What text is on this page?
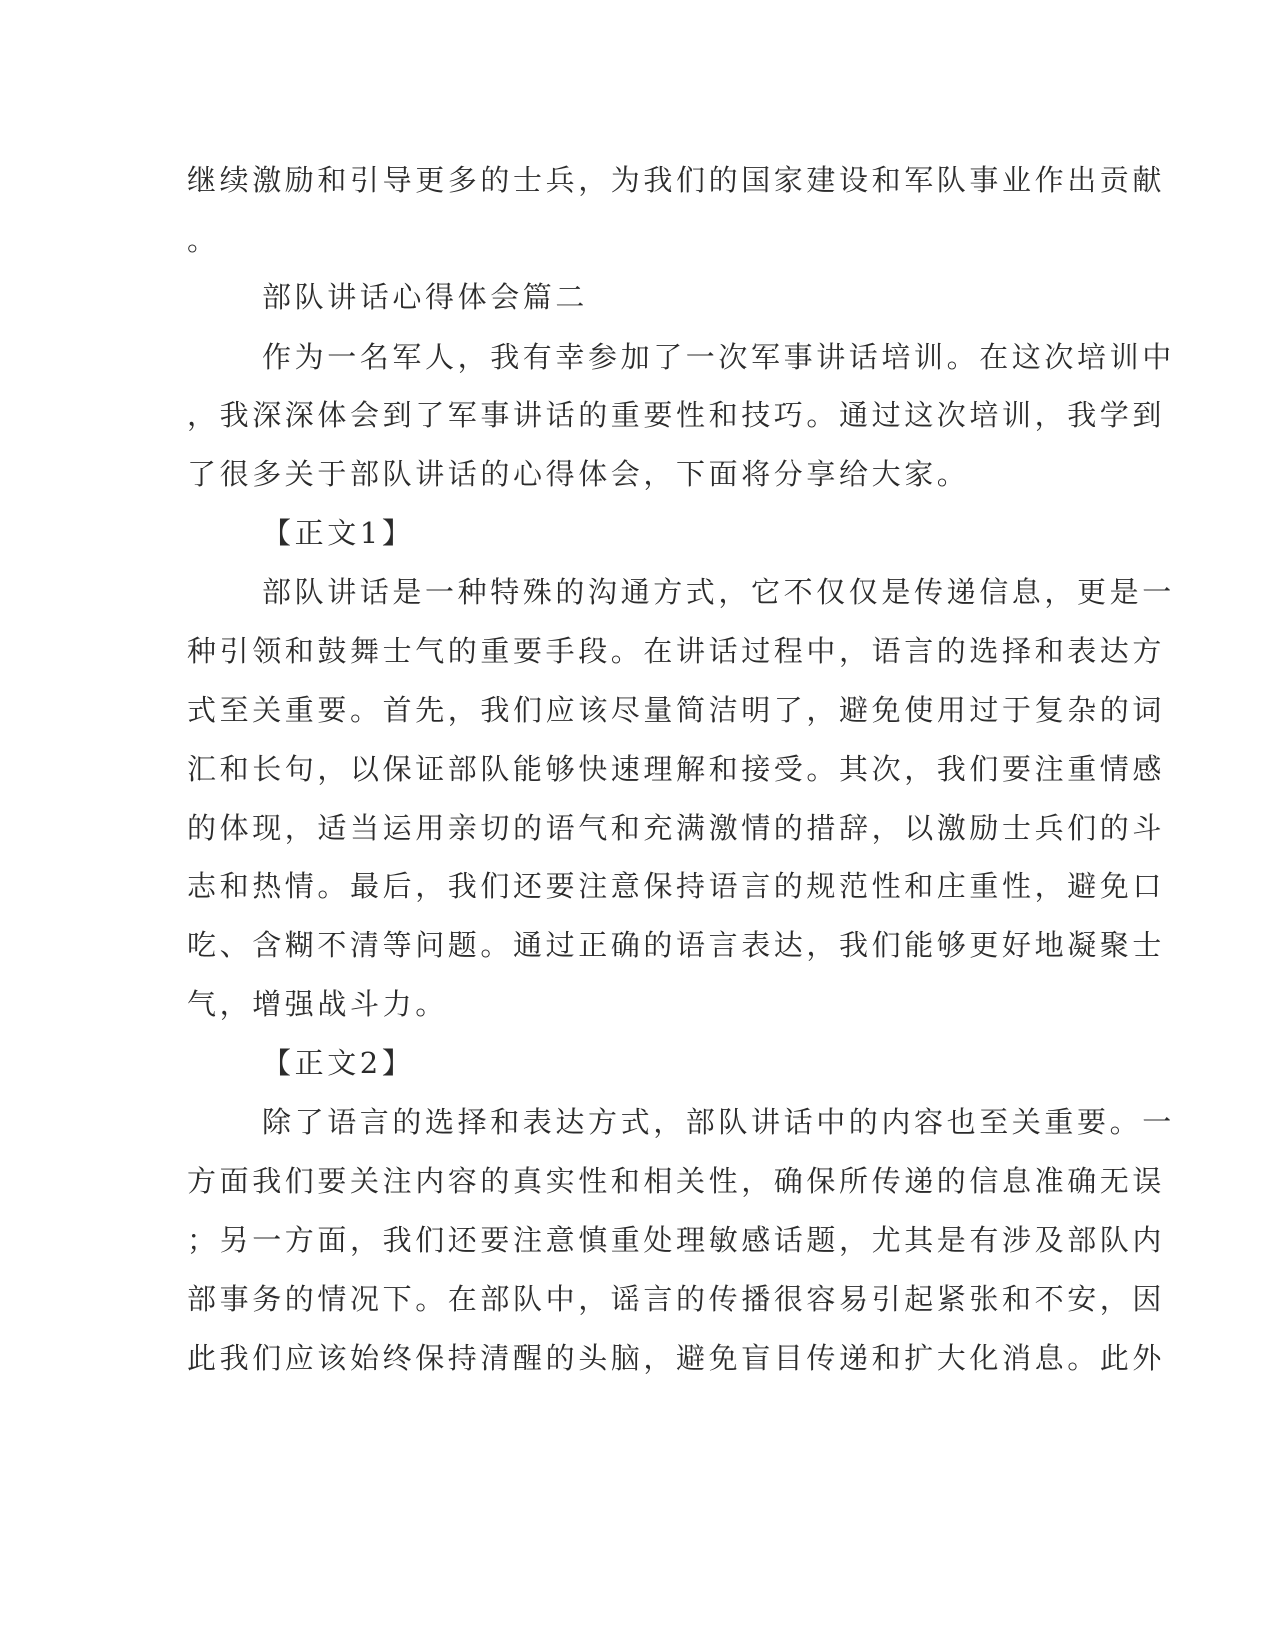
继续激励和引导更多的士兵，为我们的国家建设和军队事业作出贡献

。

部队讲话心得体会篇二

作为一名军人，我有幸参加了一次军事讲话培训。在这次培训中

，我深深体会到了军事讲话的重要性和技巧。通过这次培训，我学到

了很多关于部队讲话的心得体会，下面将分享给大家。

【正文1】

部队讲话是一种特殊的沟通方式，它不仅仅是传递信息，更是一

种引领和鼓舞士气的重要手段。在讲话过程中，语言的选择和表达方

式至关重要。首先，我们应该尽量简洁明了，避免使用过于复杂的词

汇和长句，以保证部队能够快速理解和接受。其次，我们要注重情感

的体现，适当运用亲切的语气和充满激情的措辞，以激励士兵们的斗

志和热情。最后，我们还要注意保持语言的规范性和庄重性，避免口

吃、含糊不清等问题。通过正确的语言表达，我们能够更好地凝聚士

气，增强战斗力。

【正文2】

除了语言的选择和表达方式，部队讲话中的内容也至关重要。一

方面我们要关注内容的真实性和相关性，确保所传递的信息准确无误

；另一方面，我们还要注意慎重处理敏感话题，尤其是有涉及部队内

部事务的情况下。在部队中，谣言的传播很容易引起紧张和不安，因

此我们应该始终保持清醒的头脑，避免盲目传递和扩大化消息。此外
